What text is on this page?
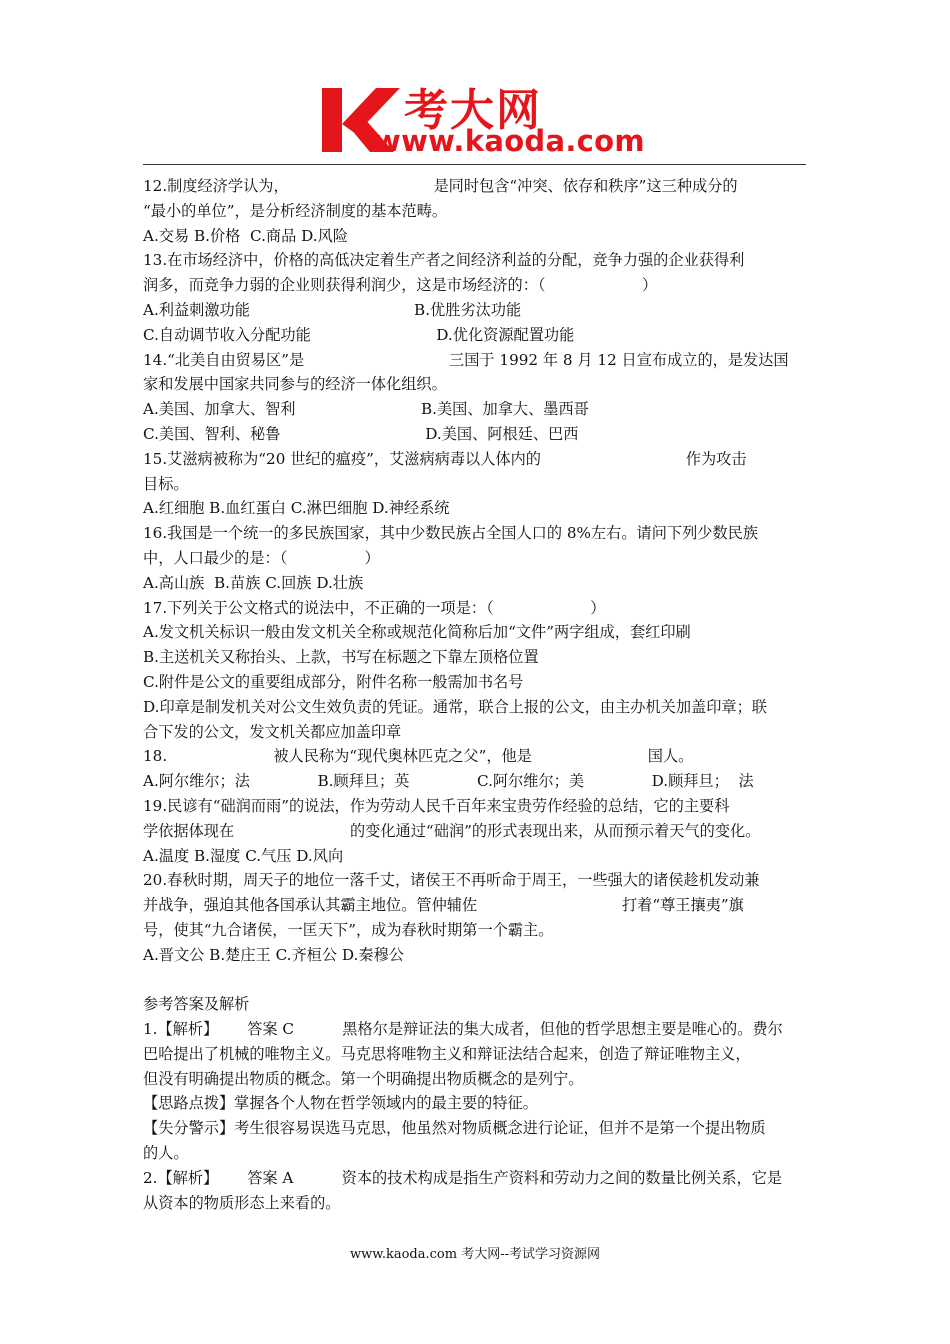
考大网
www.kaoda.com
12.制度经济学认为，                              是同时包含“冲突、依存和秩序”这三种成分的
“最小的单位”，是分析经济制度的基本范畴。
A.交易 B.价格  C.商品 D.风险
13.在市场经济中，价格的高低决定着生产者之间经济利益的分配，竞争力强的企业获得利
润多，而竞争力弱的企业则获得利润少，这是市场经济的：（                    ）
A.利益刺激功能                                  B.优胜劣汰功能
C.自动调节收入分配功能                          D.优化资源配置功能
14.“北美自由贸易区”是                              三国于 1992 年 8 月 12 日宣布成立的，是发达国
家和发展中国家共同参与的经济一体化组织。
A.美国、加拿大、智利                          B.美国、加拿大、墨西哥
C.美国、智利、秘鲁                              D.美国、阿根廷、巴西
15.艾滋病被称为“20 世纪的瘟疫”，艾滋病病毒以人体内的                              作为攻击
目标。
A.红细胞 B.血红蛋白 C.淋巴细胞 D.神经系统
16.我国是一个统一的多民族国家，其中少数民族占全国人口的 8%左右。请问下列少数民族
中，人口最少的是：（                ）
A.高山族  B.苗族 C.回族 D.壮族
17.下列关于公文格式的说法中，不正确的一项是：（                    ）
A.发文机关标识一般由发文机关全称或规范化简称后加“文件”两字组成，套红印刷
B.主送机关又称抬头、上款，书写在标题之下靠左顶格位置
C.附件是公文的重要组成部分，附件名称一般需加书名号
D.印章是制发机关对公文生效负责的凭证。通常，联合上报的公文，由主办机关加盖印章；联
合下发的公文，发文机关都应加盖印章
18.                      被人民称为“现代奥林匹克之父”，他是                        国人。
A.阿尔维尔；法              B.顾拜旦；英              C.阿尔维尔；美              D.顾拜旦；  法
19.民谚有“础润而雨”的说法，作为劳动人民千百年来宝贵劳作经验的总结，它的主要科
学依据体现在                        的变化通过“础润”的形式表现出来，从而预示着天气的变化。
A.温度 B.湿度 C.气压 D.风向
20.春秋时期，周天子的地位一落千丈，诸侯王不再听命于周王，一些强大的诸侯趁机发动兼
并战争，强迫其他各国承认其霸主地位。管仲辅佐                              打着“尊王攘夷”旗
号，使其“九合诸侯，一匡天下”，成为春秋时期第一个霸主。
A.晋文公 B.楚庄王 C.齐桓公 D.秦穆公
参考答案及解析
1.【解析】      答案 C          黑格尔是辩证法的集大成者，但他的哲学思想主要是唯心的。费尔
巴哈提出了机械的唯物主义。马克思将唯物主义和辩证法结合起来，创造了辩证唯物主义，
但没有明确提出物质的概念。第一个明确提出物质概念的是列宁。
【思路点拨】掌握各个人物在哲学领域内的最主要的特征。
【失分警示】考生很容易误选马克思，他虽然对物质概念进行论证，但并不是第一个提出物质
的人。
2.【解析】      答案 A          资本的技术构成是指生产资料和劳动力之间的数量比例关系，它是
从资本的物质形态上来看的。
www.kaoda.com 考大网--考试学习资源网
